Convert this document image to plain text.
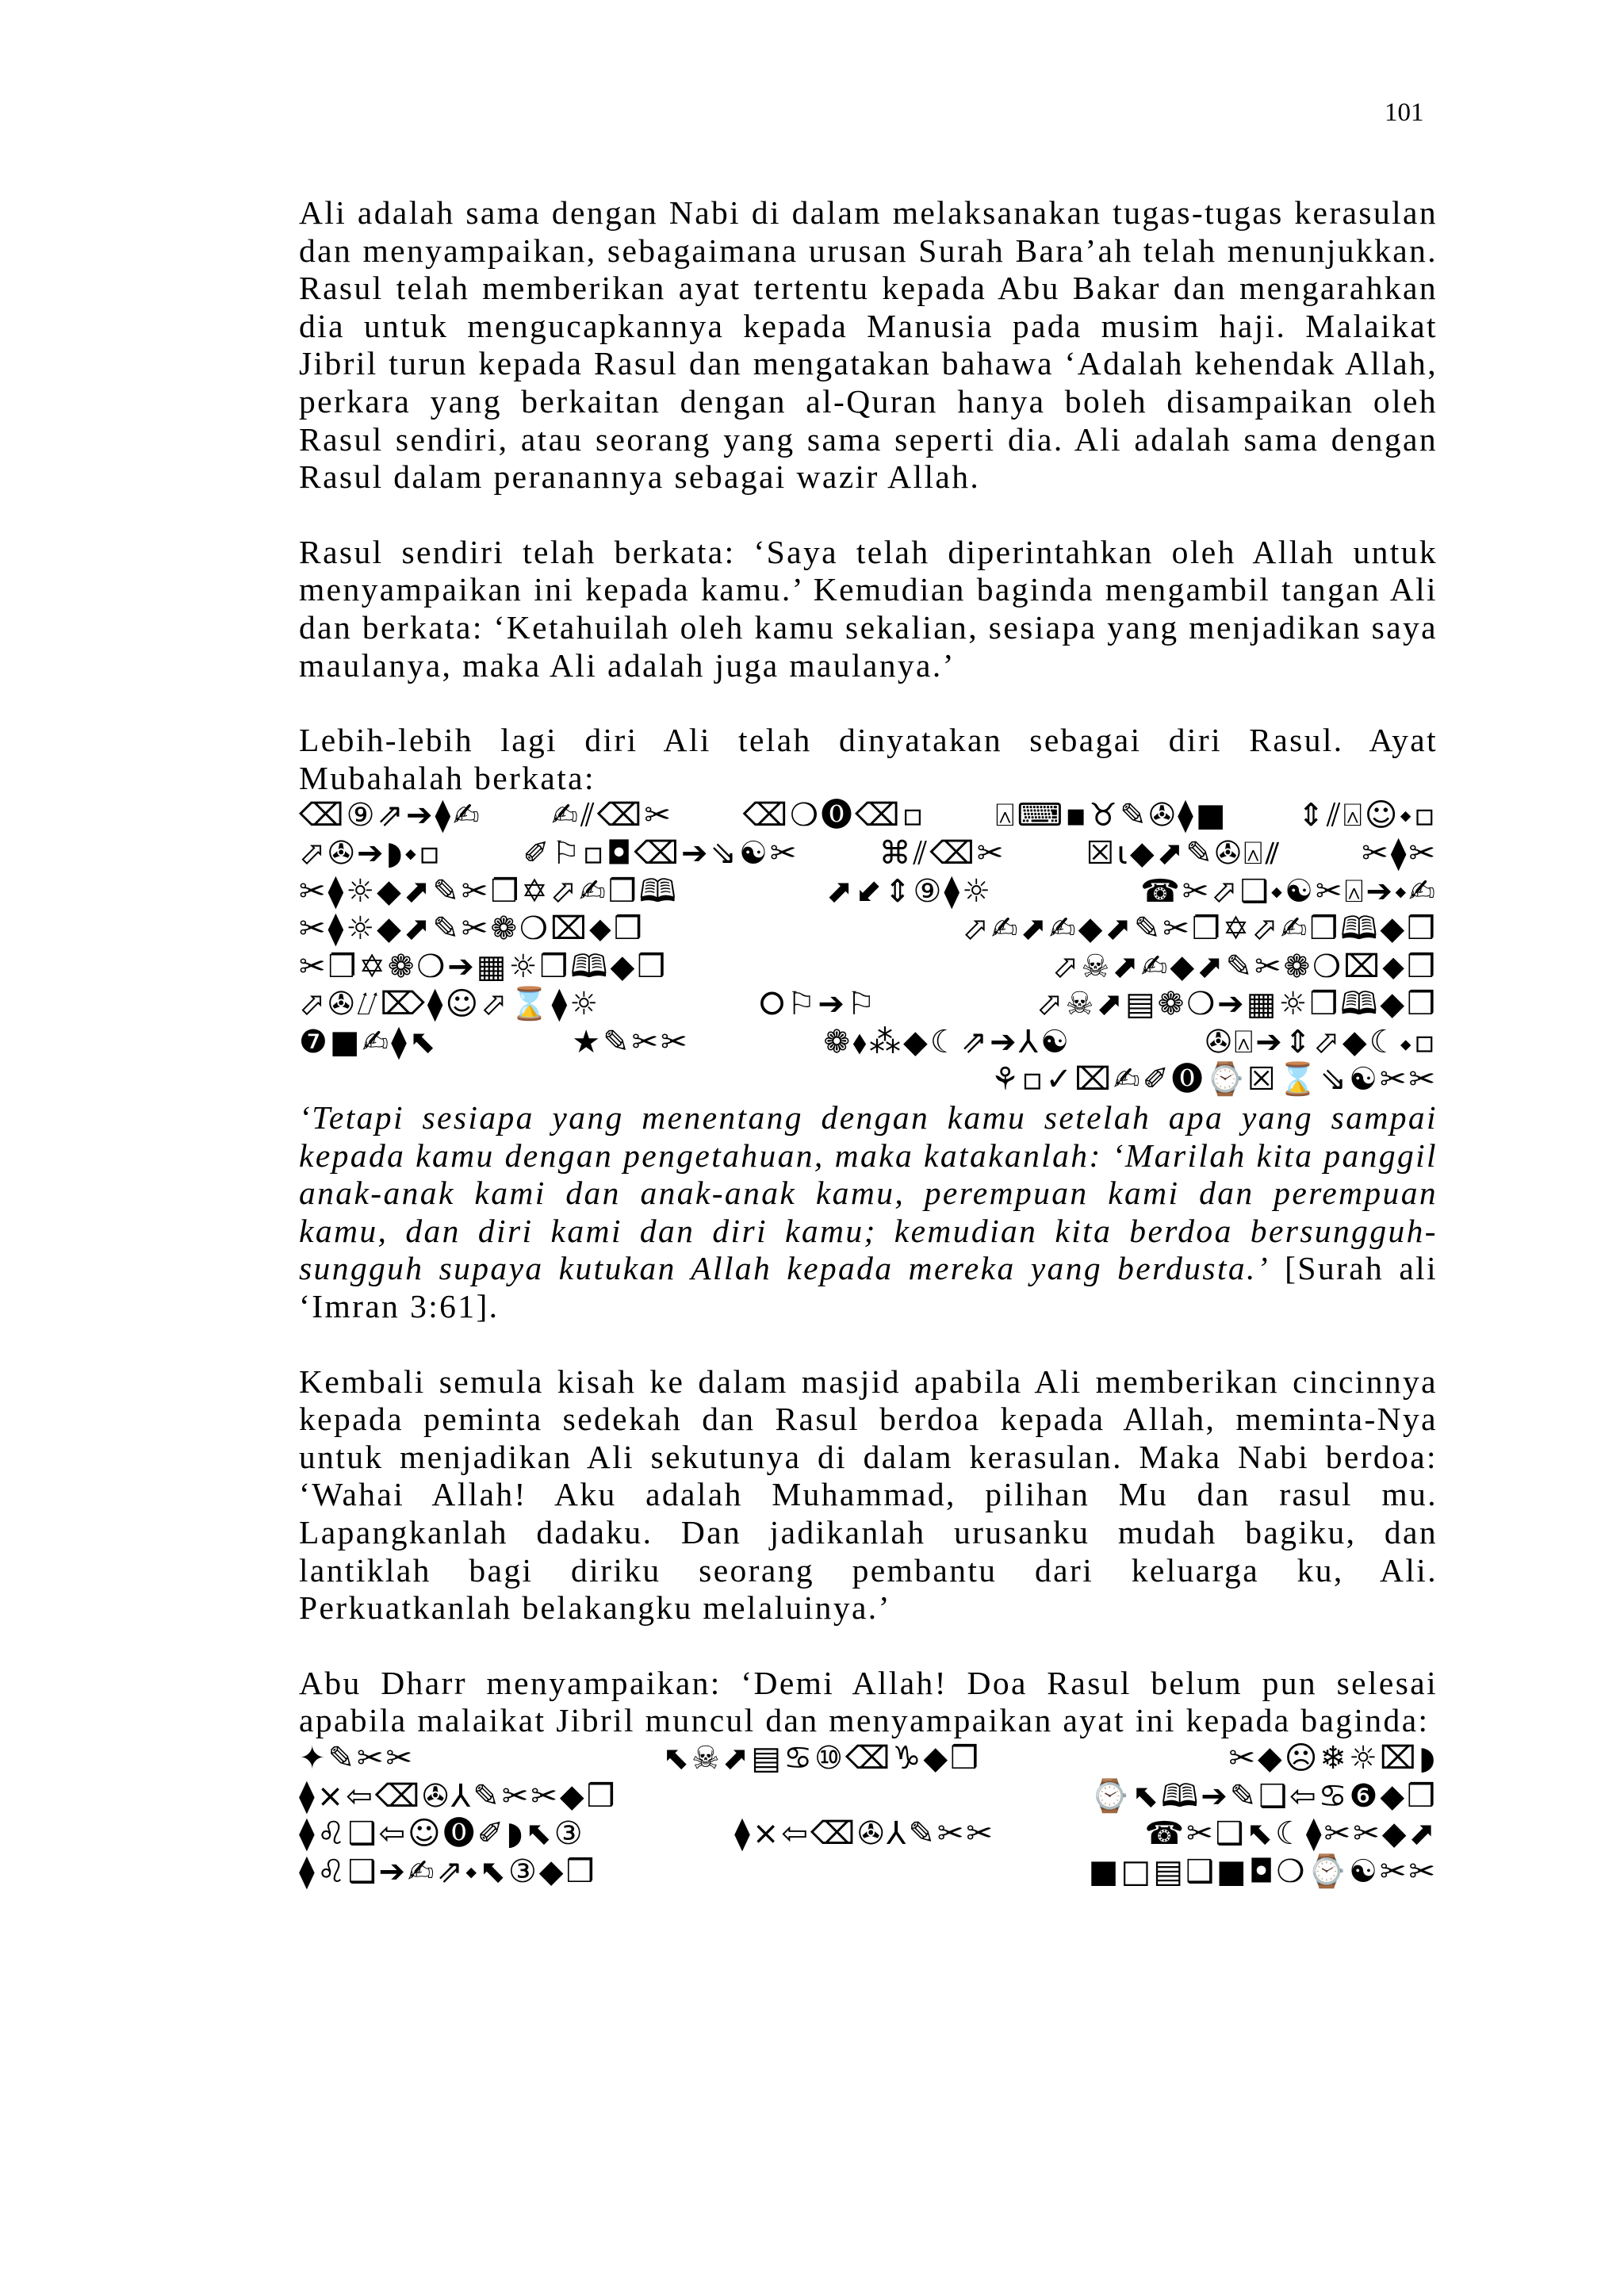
101

Ali adalah sama dengan Nabi di dalam melaksanakan tugas-tugas kerasulan dan menyampaikan, sebagaimana urusan Surah Bara’ah telah menunjukkan. Rasul telah memberikan ayat tertentu kepada Abu Bakar dan mengarahkan dia untuk mengucapkannya kepada Manusia pada musim haji. Malaikat Jibril turun kepada Rasul dan mengatakan bahawa ‘Adalah kehendak Allah, perkara yang berkaitan dengan al-Quran hanya boleh disampaikan oleh Rasul sendiri, atau seorang yang sama seperti dia. Ali adalah sama dengan Rasul dalam peranannya sebagai wazir Allah.

Rasul sendiri telah berkata: ‘Saya telah diperintahkan oleh Allah untuk menyampaikan ini kepada kamu.’ Kemudian baginda mengambil tangan Ali dan berkata: ‘Ketahuilah oleh kamu sekalian, sesiapa yang menjadikan saya maulanya, maka Ali adalah juga maulanya.’

Lebih-lebih lagi diri Ali telah dinyatakan sebagai diri Rasul. Ayat Mubahalah berkata:

⌫⑨⇗➔⧫✍ ✍⫽⌫✂ ⌫❍⓿⌫▫ ⍓⌨▪♉✎✇⧫■ ⇕⫽⍓☺⬩▫
⬀✇➔◗⬩▫	✐⚐▫◘⌫➔⇘☯✂	⌘⫽⌫✂	☒⍳◆⬈✎✇⍓⫽	✂⧫✂
✂⧫☼◆⬈✎✂❐✡⬀✍❒🕮	⬈⬋⇕⑨⧫☼	☎✂⬀❑⬩☯✂⍓➔⬩✍
✂⧫☼◆⬈✎✂❁❍⌧⬥❒	⬀✍⬈✍◆⬈✎✂❐✡⬀✍❒🕮◆❒
✂❐✡❁❍➔▦☼❒🕮◆❒	⬀☠⬈✍◆⬈✎✂❁❍⌧⬥❒
⬀✇⌰⌦⧫☺⬀⌛⧫☼	⭘⚐➔⚐	⬀☠⬈▤❁❍➔▦☼❒🕮◆❒
❼■✍⧫⬉	★✎✂✂	❁⬧⁂◆☾⇗➔⅄☯	✇⍓➔⇕⬀◆☾⬩▫
⚘▫✓⌧✍✐⓿⌚☒⌛⇘☯✂✂

‘Tetapi sesiapa yang menentang dengan kamu setelah apa yang sampai kepada kamu dengan pengetahuan, maka katakanlah: ‘Marilah kita panggil anak-anak kami dan anak-anak kamu, perempuan kami dan perempuan kamu, dan diri kami dan diri kamu; kemudian kita berdoa bersungguh-sungguh supaya kutukan Allah kepada mereka yang berdusta.’ [Surah ali ‘Imran 3:61].

Kembali semula kisah ke dalam masjid apabila Ali memberikan cincinnya kepada peminta sedekah dan Rasul berdoa kepada Allah, meminta-Nya untuk menjadikan Ali sekutunya di dalam kerasulan. Maka Nabi berdoa: ‘Wahai Allah! Aku adalah Muhammad, pilihan Mu dan rasul mu. Lapangkanlah dadaku. Dan jadikanlah urusanku mudah bagiku, dan lantiklah bagi diriku seorang pembantu dari keluarga ku, Ali. Perkuatkanlah belakangku melaluinya.’

Abu Dharr menyampaikan: ‘Demi Allah! Doa Rasul belum pun selesai apabila malaikat Jibril muncul dan menyampaikan ayat ini kepada baginda:

✦✎✂✂	⬉☠⬈▤♋⑩⌫♑◆❒	✂◆☹❄☼⌧◗
⧫×⇦⌫✇⅄✎✂✂◆❒	⌚⬉🕮➔✎❑⇦♋❻◆❒
⧫♌❑⇦☺⓿✐◗⬉③	⧫×⇦⌫✇⅄✎✂✂	☎✂❑⬉☾⧫✂✂◆⬈
⧫♌❑➔✍⇗⬩⬉③◆❒	■□▤❑■◘❍⌚☯✂✂
